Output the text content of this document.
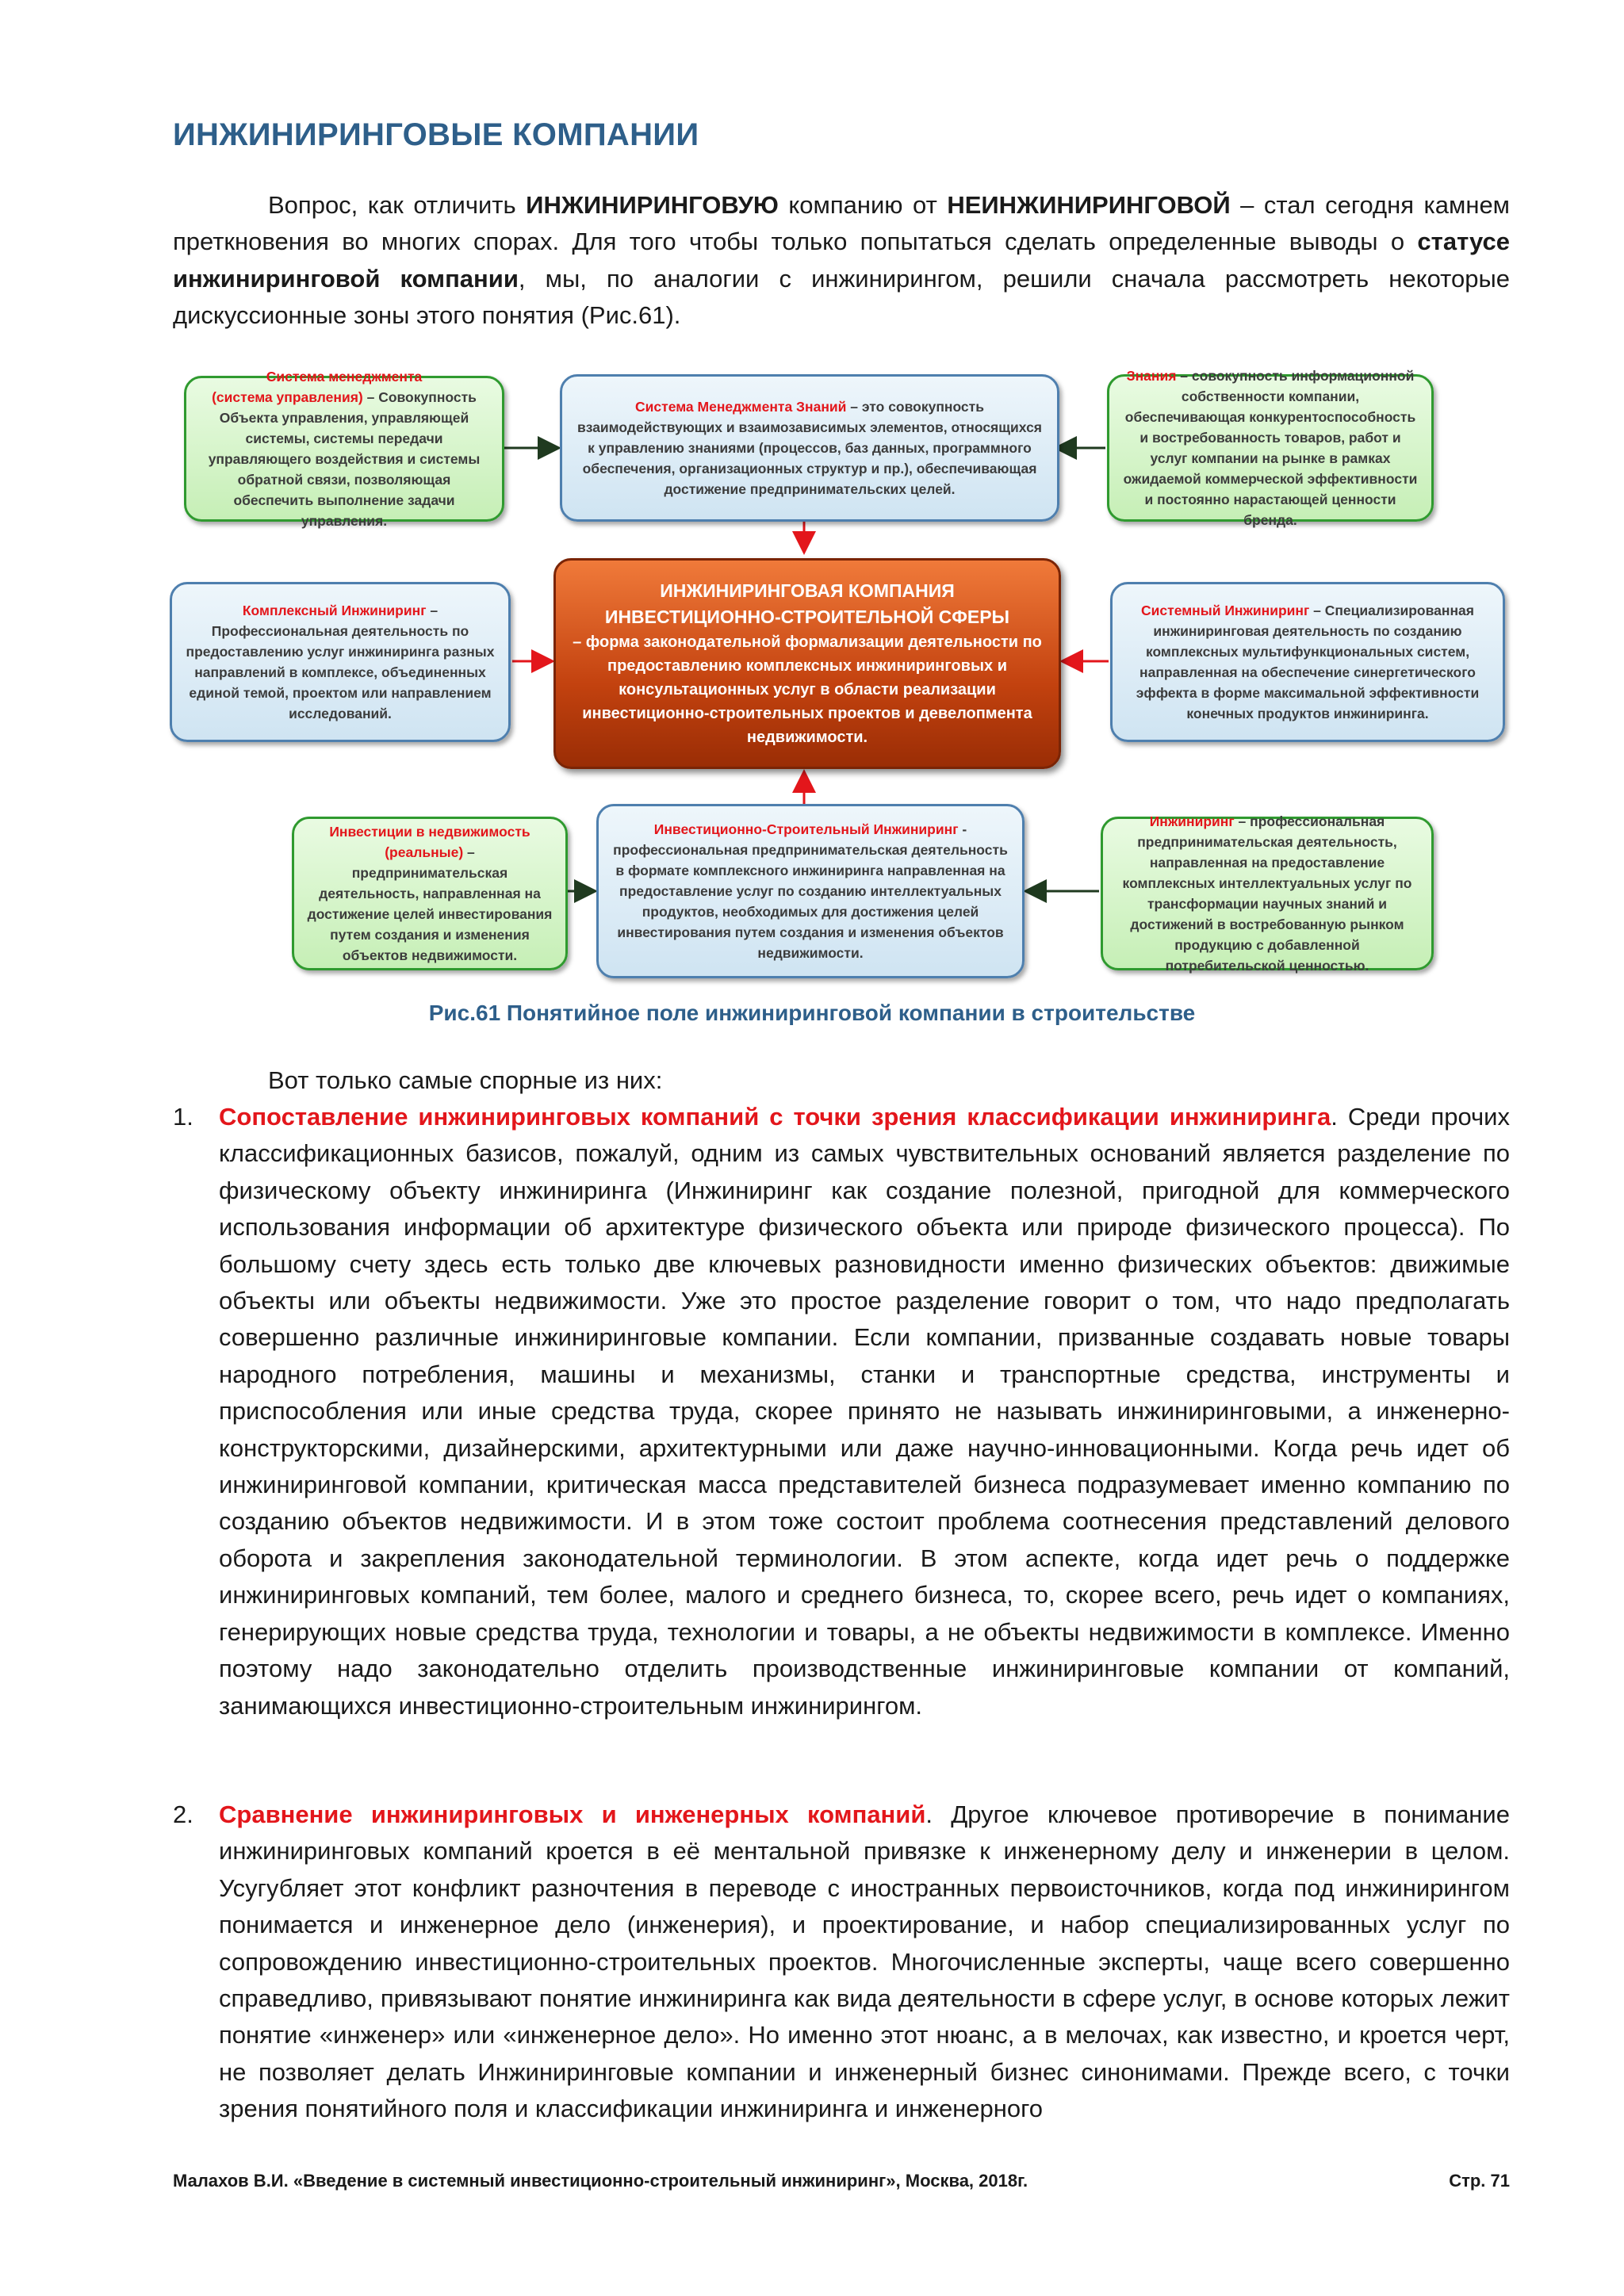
ИНЖИНИРИНГОВЫЕ КОМПАНИИ
Вопрос, как отличить ИНЖИНИРИНГОВУЮ компанию от НЕИНЖИНИРИНГОВОЙ – стал сегодня камнем преткновения во многих спорах. Для того чтобы только попытаться сделать определенные выводы о статусе инжиниринговой компании, мы, по аналогии с инжинирингом, решили сначала рассмотреть некоторые дискуссионные зоны этого понятия (Рис.61).
Система менеджмента
(система управления) – Совокупность Объекта управления, управляющей системы, системы передачи управляющего воздействия и системы обратной связи, позволяющая обеспечить выполнение задачи управления.
Система Менеджмента Знаний – это совокупность взаимодействующих и взаимозависимых элементов, относящихся к управлению знаниями (процессов, баз данных, программного обеспечения, организационных структур и пр.), обеспечивающая достижение предпринимательских целей.
Знания – совокупность информационной собственности компании, обеспечивающая конкурентоспособность и востребованность товаров, работ и услуг компании на рынке в рамках ожидаемой коммерческой эффективности и постоянно нарастающей ценности бренда.
Комплексный Инжиниринг – Профессиональная деятельность по предоставлению услуг инжиниринга разных направлений в комплексе, объединенных единой темой, проектом или направлением исследований.
ИНЖИНИРИНГОВАЯ КОМПАНИЯ
ИНВЕСТИЦИОННО-СТРОИТЕЛЬНОЙ СФЕРЫ
– форма законодательной формализации деятельности по предоставлению комплексных инжиниринговых и консультационных услуг в области реализации инвестиционно-строительных проектов и девелопмента недвижимости.
Системный Инжиниринг – Специализированная инжиниринговая деятельность по созданию комплексных мультифункциональных систем, направленная на обеспечение синергетического эффекта в форме максимальной эффективности конечных продуктов инжиниринга.
Инвестиции в недвижимость
(реальные) – предпринимательская деятельность, направленная на достижение целей инвестирования путем создания и изменения объектов недвижимости.
Инвестиционно-Строительный Инжиниринг - профессиональная предпринимательская деятельность в формате комплексного инжиниринга направленная на предоставление услуг по созданию интеллектуальных продуктов, необходимых для достижения целей инвестирования путем создания и изменения объектов недвижимости.
Инжиниринг – профессиональная предпринимательская деятельность, направленная на предоставление комплексных интеллектуальных услуг по трансформации научных знаний и достижений в востребованную рынком продукцию с добавленной потребительской ценностью.
Рис.61 Понятийное поле инжиниринговой компании в строительстве
Вот только самые спорные из них:
1. Сопоставление инжиниринговых компаний с точки зрения классификации инжиниринга. Среди прочих классификационных базисов, пожалуй, одним из самых чувствительных оснований является разделение по физическому объекту инжиниринга (Инжиниринг как создание полезной, пригодной для коммерческого использования информации об архитектуре физического объекта или природе физического процесса). По большому счету здесь есть только две ключевых разновидности именно физических объектов: движимые объекты или объекты недвижимости. Уже это простое разделение говорит о том, что надо предполагать совершенно различные инжиниринговые компании. Если компании, призванные создавать новые товары народного потребления, машины и механизмы, станки и транспортные средства, инструменты и приспособления или иные средства труда, скорее принято не называть инжиниринговыми, а инженерно-конструкторскими, дизайнерскими, архитектурными или даже научно-инновационными. Когда речь идет об инжиниринговой компании, критическая масса представителей бизнеса подразумевает именно компанию по созданию объектов недвижимости. И в этом тоже состоит проблема соотнесения представлений делового оборота и закрепления законодательной терминологии. В этом аспекте, когда идет речь о поддержке инжиниринговых компаний, тем более, малого и среднего бизнеса, то, скорее всего, речь идет о компаниях, генерирующих новые средства труда, технологии и товары, а не объекты недвижимости в комплексе. Именно поэтому надо законодательно отделить производственные инжиниринговые компании от компаний, занимающихся инвестиционно-строительным инжинирингом.
2. Сравнение инжиниринговых и инженерных компаний. Другое ключевое противоречие в понимание инжиниринговых компаний кроется в её ментальной привязке к инженерному делу и инженерии в целом. Усугубляет этот конфликт разночтения в переводе с иностранных первоисточников, когда под инжинирингом понимается и инженерное дело (инженерия), и проектирование, и набор специализированных услуг по сопровождению инвестиционно-строительных проектов. Многочисленные эксперты, чаще всего совершенно справедливо, привязывают понятие инжиниринга как вида деятельности в сфере услуг, в основе которых лежит понятие «инженер» или «инженерное дело». Но именно этот нюанс, а в мелочах, как известно, и кроется черт, не позволяет делать Инжиниринговые компании и инженерный бизнес синонимами. Прежде всего, с точки зрения понятийного поля и классификации инжиниринга и инженерного
Малахов В.И. «Введение в системный инвестиционно-строительный инжиниринг», Москва, 2018г.	Стр. 71
